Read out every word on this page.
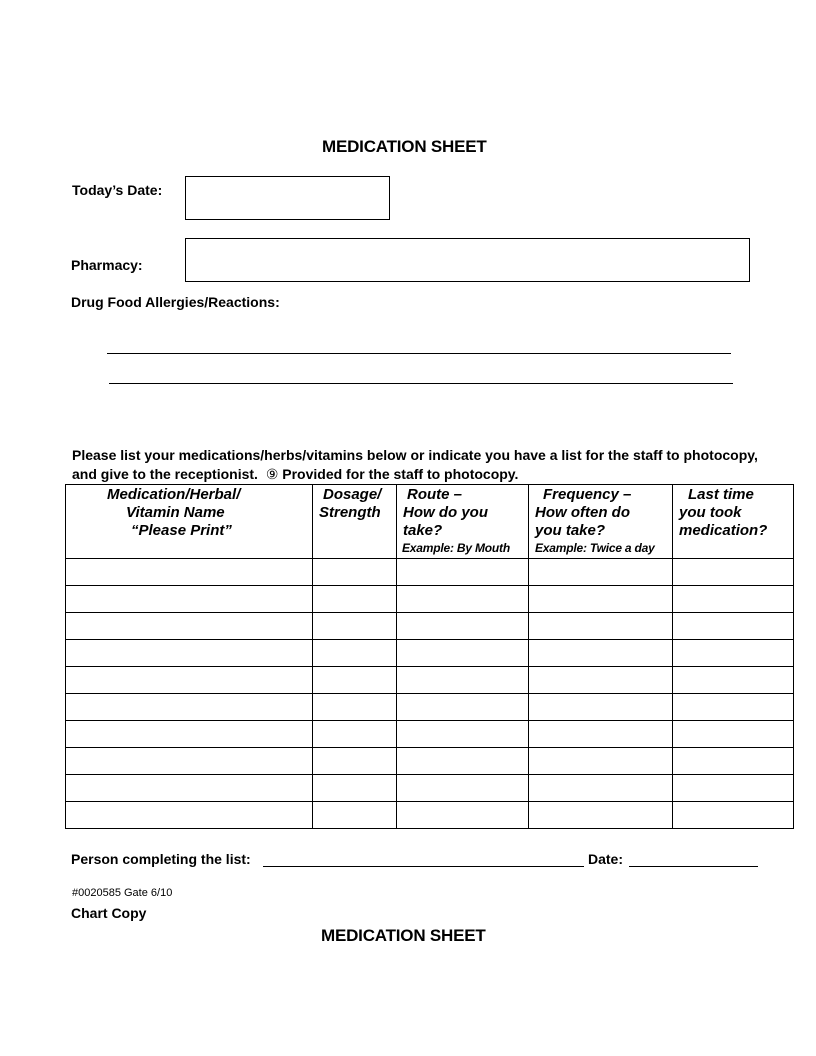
MEDICATION SHEET
Today’s Date:
Pharmacy:
Drug Food Allergies/Reactions:
Please list your medications/herbs/vitamins below or indicate you have a list for the staff to photocopy,
and give to the receptionist. ⑨ Provided for the staff to photocopy.
Medication/Herbal/
Vitamin Name
“Please Print”	Dosage/
Strength	Route –
How do you
take?
Example: By Mouth	Frequency –
How often do
you take?
Example: Twice a day	Last time
you took
medication?

Person completing the list:	Date:
#0020585 Gate 6/10
Chart Copy
MEDICATION SHEET
